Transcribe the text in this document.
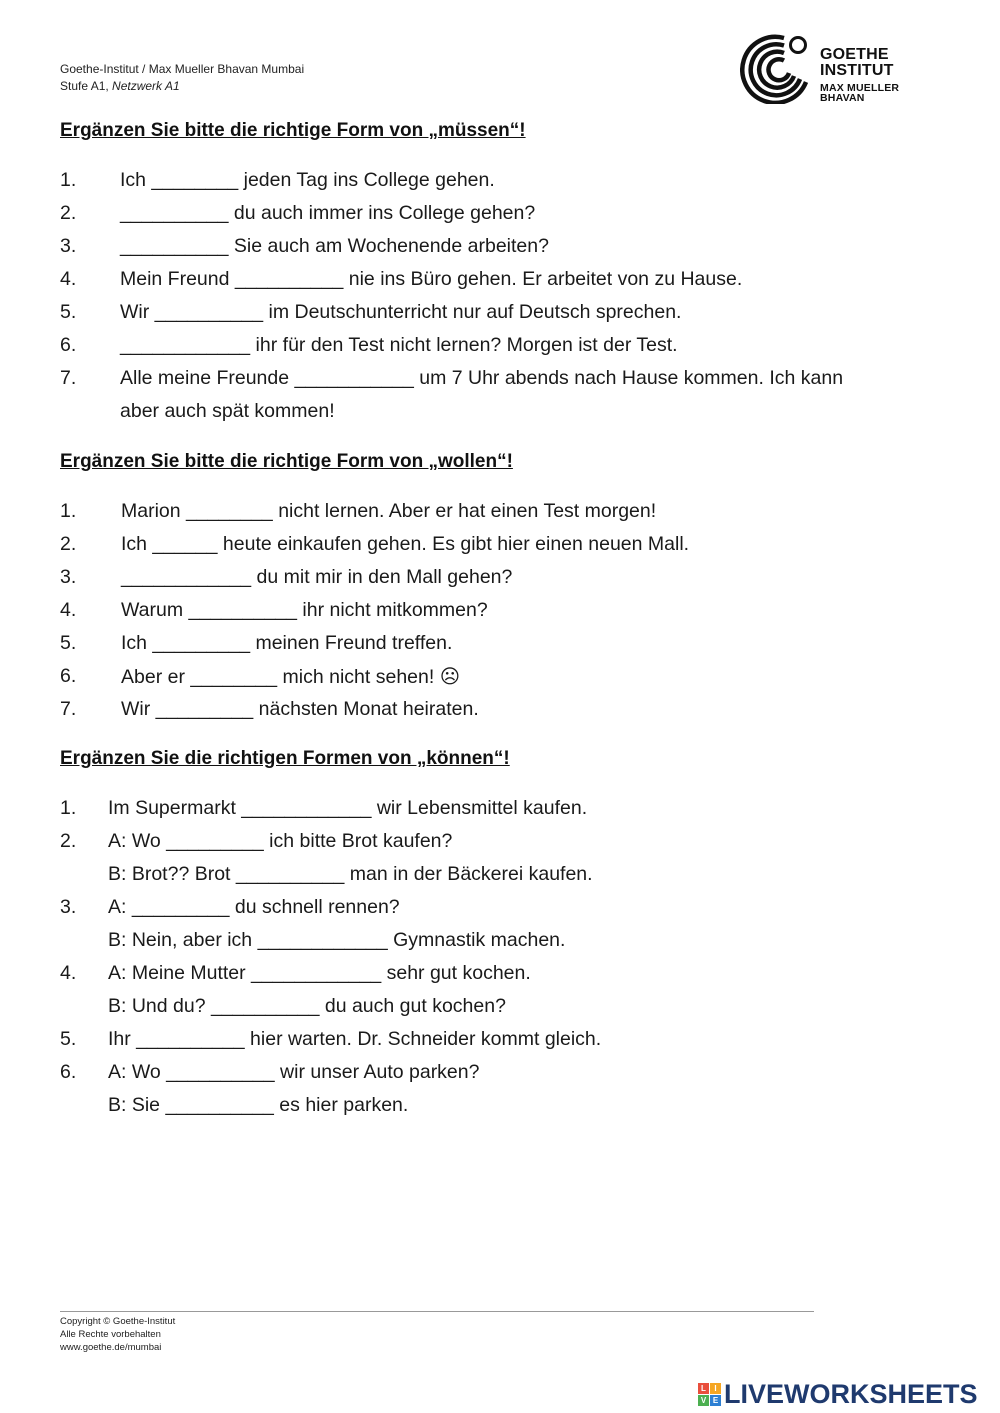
Goethe-Institut / Max Mueller Bhavan Mumbai
Stufe A1, Netzwerk A1
GOETHE
INSTITUT
MAX MUELLER
BHAVAN
Ergänzen Sie bitte die richtige Form von „müssen“!
1. Ich ________ jeden Tag ins College gehen.
2. __________ du auch immer ins College gehen?
3. __________ Sie auch am Wochenende arbeiten?
4. Mein Freund __________ nie ins Büro gehen. Er arbeitet von zu Hause.
5. Wir __________ im Deutschunterricht nur auf Deutsch sprechen.
6. ____________ ihr für den Test nicht lernen? Morgen ist der Test.
7. Alle meine Freunde ___________ um 7 Uhr abends nach Hause kommen. Ich kann
aber auch spät kommen!
Ergänzen Sie bitte die richtige Form von „wollen“!
1. Marion ________ nicht lernen. Aber er hat einen Test morgen!
2. Ich ______ heute einkaufen gehen. Es gibt hier einen neuen Mall.
3. ____________ du mit mir in den Mall gehen?
4. Warum __________ ihr nicht mitkommen?
5. Ich _________ meinen Freund treffen.
6. Aber er ________ mich nicht sehen! ☹
7. Wir _________ nächsten Monat heiraten.
Ergänzen Sie die richtigen Formen von „können“!
1. Im Supermarkt ____________ wir Lebensmittel kaufen.
2. A: Wo _________ ich bitte Brot kaufen?
B: Brot?? Brot __________ man in der Bäckerei kaufen.
3. A: _________ du schnell rennen?
B: Nein, aber ich ____________ Gymnastik machen.
4. A: Meine Mutter ____________ sehr gut kochen.
B: Und du? __________ du auch gut kochen?
5. Ihr __________ hier warten. Dr. Schneider kommt gleich.
6. A: Wo __________ wir unser Auto parken?
B: Sie __________ es hier parken.
Copyright © Goethe-Institut
Alle Rechte vorbehalten
www.goethe.de/mumbai
L	I
V E LIVEWORKSHEETS
